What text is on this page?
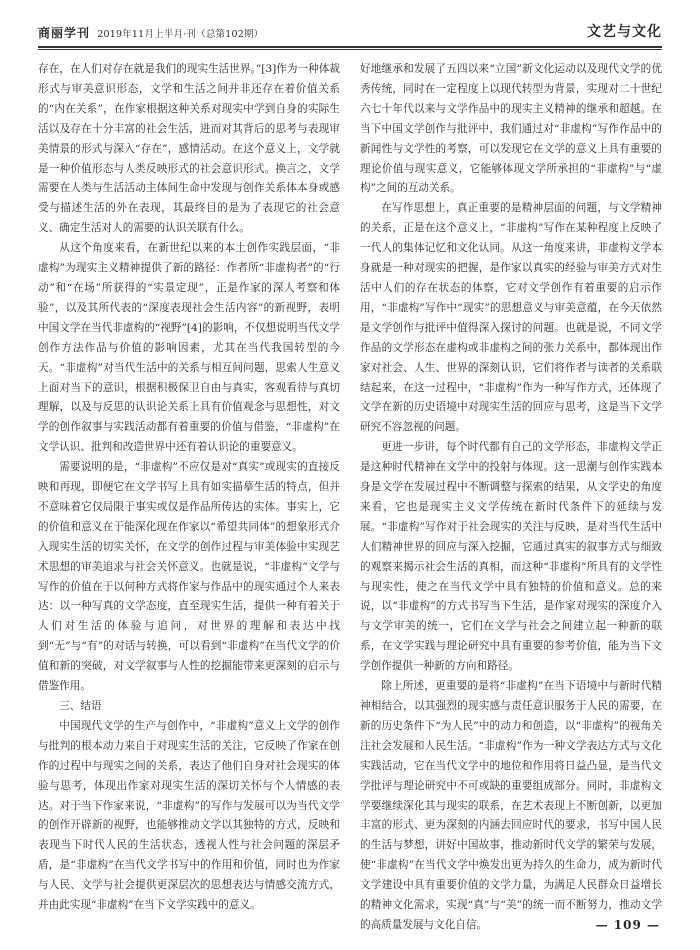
商丽学刊 2019年11月上半月·刊（总第102期）	文艺与文化

存在，在人们对存在就是我们的现实生活世界。”[3]作为一种体裁形式与审美意识形态，文学和生活之间并非还存在着价值关系的“内在关系”，在作家根据这种关系对现实中学到自身的实际生活以及存在十分丰富的社会生活，进而对其背后的思考与表现审美情景的形式与深入“存在”，感情活动。在这个意义上，文学就是一种价值形态与人类反映形式的社会意识形式。换言之，文学需要在人类与生活活动主体间生命中发现与创作关系体本身或感受与描述生活的外在表现，其最终目的是为了表现它的社会意义、确定生活对人的需要的认识关联有什么。

从这个角度来看，在新世纪以来的本土创作实践层面，“非虚构”为现实主义精神提供了新的路径：作者所“非虚构者”的“行动”和“在场”所获得的“实景定现”，正是作家的深人考察和体验”，以及其所代表的“深度表现社会生活内容”的新视野，表明中国文学在当代非虚构的“视野”[4]的影响，不仅想说明当代文学创作方法作品与价值的影响因素，尤其在当代我国转型的今天。“非虚构”对当代生活中的关系与相互间问题，思索人生意义上面对当下的意识，根据积极保卫自由与真实，客观看待与真切理解，以及与反思的认识论关系上具有价值观念与思想性，对文学的创作叙事与实践活动都有着重要的价值与借鉴，“非虚构”在文学认识、批判和改造世界中还有着认识论的重要意义。

需要说明的是，“非虚构”不应仅是对“真实”或现实的直接反映和再现，即便它在文学书写上具有如实描摹生活的特点，但并不意味着它仅局限于事实或仅是作品所传达的实体。事实上，它的价值和意义在于能深化现在作家以“希望共同体”的想象形式介入现实生活的切实关怀，在文学的创作过程与审美体验中实现艺术思想的审美追求与社会关怀意义。也就是说，“非虚构”文学与写作的价值在于以何种方式将作家与作品中的现实通过个人来表达：以一种写真的文学态度，直至现实生活，提供一种有着关于人们对生活的体验与追问，对世界的理解和表达中找到“无”与“有”的对话与转换，可以看到“非虚构”在当代文学的价值和新的突破，对文学叙事与人性的挖掘能带来更深刻的启示与借鉴作用。

三、结语

中国现代文学的生产与创作中，“非虚构”意义上文学的创作与批判的根本动力来自于对现实生活的关注，它反映了作家在创作的过程中与现实之间的关系，表达了他们自身对社会现实的体验与思考，体现出作家对现实生活的深切关怀与个人情感的表达。对于当下作家来说，“非虚构”的写作与发展可以为当代文学的创作开辟新的视野，也能够推动文学以其独特的方式，反映和表现当下时代人民的生活状态，透视人性与社会问题的深层矛盾，是“非虚构”在当代文学书写中的作用和价值，同时也为作家与人民、文学与社会提供更深层次的思想表达与情感交流方式，并由此实现“非虚构”在当下文学实践中的意义。

好地继承和发展了五四以来“立国”新文化运动以及现代文学的优秀传统，同时在一定程度上以现代转型为背景，实现对二十世纪六七十年代以来与文学作品中的现实主义精神的继承和超越。在当下中国文学创作与批评中，我们通过对“非虚构”写作作品中的新闻性与文学性的考察，可以发现它在文学的意义上具有重要的理论价值与现实意义，它能够体现文学所承担的“非虚构”与“虚构”之间的互动关系。

在写作思想上，真正重要的是精神层面的问题，与文学精神的关系，正是在这个意义上，“非虚构”写作在某种程度上反映了一代人的集体记忆和文化认同。从这一角度来讲，非虚构文学本身就是一种对现实的把握，是作家以真实的经验与审美方式对生活中人们的存在状态的体察，它对文学创作有着重要的启示作用，“非虚构”写作中“现实”的思想意义与审美意蕴，在今天依然是文学创作与批评中值得深入探讨的问题。也就是说，不同文学作品的文学形态在虚构或非虚构之间的张力关系中，都体现出作家对社会、人生、世界的深刻认识，它们将作者与读者的关系联结起来，在这一过程中，“非虚构”作为一种写作方式，还体现了文学在新的历史语境中对现实生活的回应与思考，这是当下文学研究不容忽视的问题。

更进一步讲，每个时代都有自己的文学形态，非虚构文学正是这种时代精神在文学中的投射与体现。这一思潮与创作实践本身是文学在发展过程中不断调整与探索的结果，从文学史的角度来看，它也是现实主义文学传统在新时代条件下的延续与发展。“非虚构”写作对于社会现实的关注与反映，是对当代生活中人们精神世界的回应与深入挖掘，它通过真实的叙事方式与细致的观察来揭示社会生活的真相，而这种“非虚构”所具有的文学性与现实性，使之在当代文学中具有独特的价值和意义。总的来说，以“非虚构”的方式书写当下生活，是作家对现实的深度介入与文学审美的统一，它们在文学与社会之间建立起一种新的联系，在文学实践与理论研究中具有重要的参考价值，能为当下文学创作提供一种新的方向和路径。

除上所述，更重要的是将“非虚构”在当下语境中与新时代精神相结合，以其强烈的现实感与责任意识服务于人民的需要，在新的历史条件下“为人民”中的动力和创造，以“非虚构”的视角关注社会发展和人民生活。“非虚构”作为一种文学表达方式与文化实践活动，它在当代文学中的地位和作用将日益凸显，是当代文学批评与理论研究中不可或缺的重要组成部分。同时，非虚构文学要继续深化其与现实的联系，在艺术表现上不断创新，以更加丰富的形式、更为深刻的内涵去回应时代的要求，书写中国人民的生活与梦想，讲好中国故事，推动新时代文学的繁荣与发展，使“非虚构”在当代文学中焕发出更为持久的生命力，成为新时代文学建设中具有重要价值的文学力量，为满足人民群众日益增长的精神文化需求，实现“真”与“美”的统一而不断努力，推动文学的高质量发展与文化自信。	— 109 —
